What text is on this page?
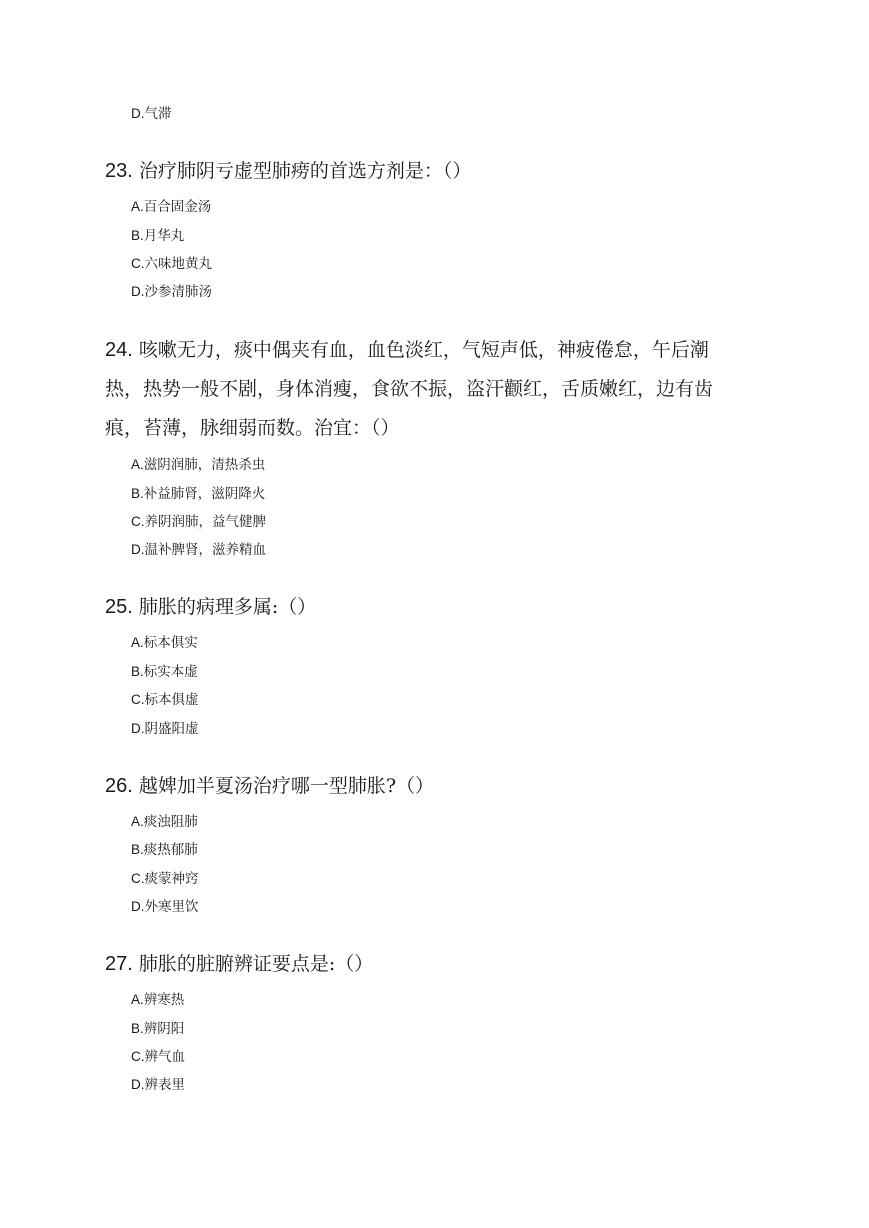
D.气滞
23. 治疗肺阴亏虚型肺痨的首选方剂是：（）
A.百合固金汤
B.月华丸
C.六味地黄丸
D.沙参清肺汤
24. 咳嗽无力，痰中偶夹有血，血色淡红，气短声低，神疲倦怠，午后潮
热，热势一般不剧，身体消瘦，食欲不振，盗汗颧红，舌质嫩红，边有齿
痕，苔薄，脉细弱而数。治宜：（）
A.滋阴润肺，清热杀虫
B.补益肺肾，滋阴降火
C.养阴润肺，益气健脾
D.温补脾肾，滋养精血
25. 肺胀的病理多属:（）
A.标本俱实
B.标实本虚
C.标本俱虚
D.阴盛阳虚
26. 越婢加半夏汤治疗哪一型肺胀?（）
A.痰浊阻肺
B.痰热郁肺
C.痰蒙神窍
D.外寒里饮
27. 肺胀的脏腑辨证要点是:（）
A.辨寒热
B.辨阴阳
C.辨气血
D.辨表里
